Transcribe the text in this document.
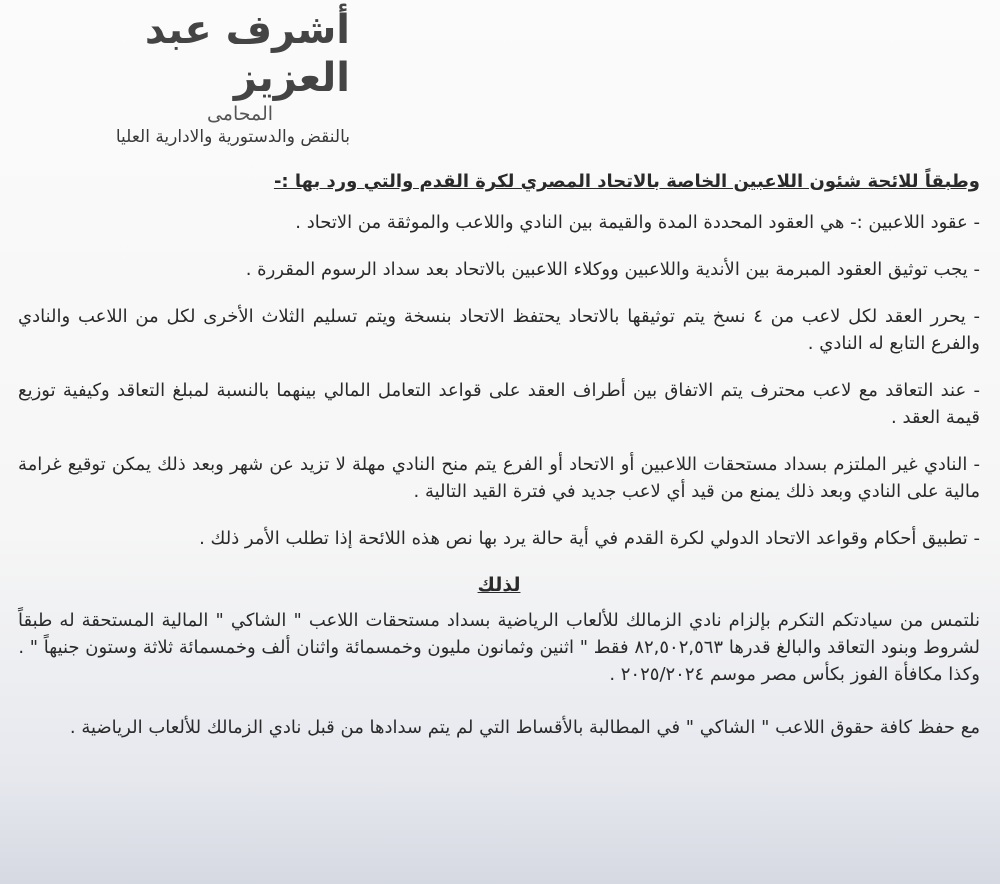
أشرف عبد العزيز
المحامى
بالنقض والدستورية والادارية العليا

وطبقاً للائحة شئون اللاعبين الخاصة بالاتحاد المصري لكرة القدم والتي ورد بها :-

- عقود اللاعبين :- هي العقود المحددة المدة والقيمة بين النادي واللاعب والموثقة من الاتحاد .

- يجب توثيق العقود المبرمة بين الأندية واللاعبين ووكلاء اللاعبين بالاتحاد بعد سداد الرسوم المقررة .

- يحرر العقد لكل لاعب من ٤ نسخ يتم توثيقها بالاتحاد يحتفظ الاتحاد بنسخة ويتم تسليم الثلاث الأخرى لكل من اللاعب والنادي والفرع التابع له النادي .

- عند التعاقد مع لاعب محترف يتم الاتفاق بين أطراف العقد على قواعد التعامل المالي بينهما بالنسبة لمبلغ التعاقد وكيفية توزيع قيمة العقد .

- النادي غير الملتزم بسداد مستحقات اللاعبين أو الاتحاد أو الفرع يتم منح النادي مهلة لا تزيد عن شهر وبعد ذلك يمكن توقيع غرامة مالية على النادي وبعد ذلك يمنع من قيد أي لاعب جديد في فترة القيد التالية .

- تطبيق أحكام وقواعد الاتحاد الدولي لكرة القدم في أية حالة يرد بها نص هذه اللائحة إذا تطلب الأمر ذلك .

لذلك

نلتمس من سيادتكم التكرم بإلزام نادي الزمالك للألعاب الرياضية بسداد مستحقات اللاعب " الشاكي " المالية المستحقة له طبقاً لشروط وبنود التعاقد والبالغ قدرها ٨٢,٥٠٢,٥٦٣ فقط " اثنين وثمانون مليون وخمسمائة واثنان ألف وخمسمائة ثلاثة وستون جنيهاً " .

وكذا مكافأة الفوز بكأس مصر موسم ٢٠٢٥/٢٠٢٤ .

مع حفظ كافة حقوق اللاعب " الشاكي " في المطالبة بالأقساط التي لم يتم سدادها من قبل نادي الزمالك للألعاب الرياضية .
